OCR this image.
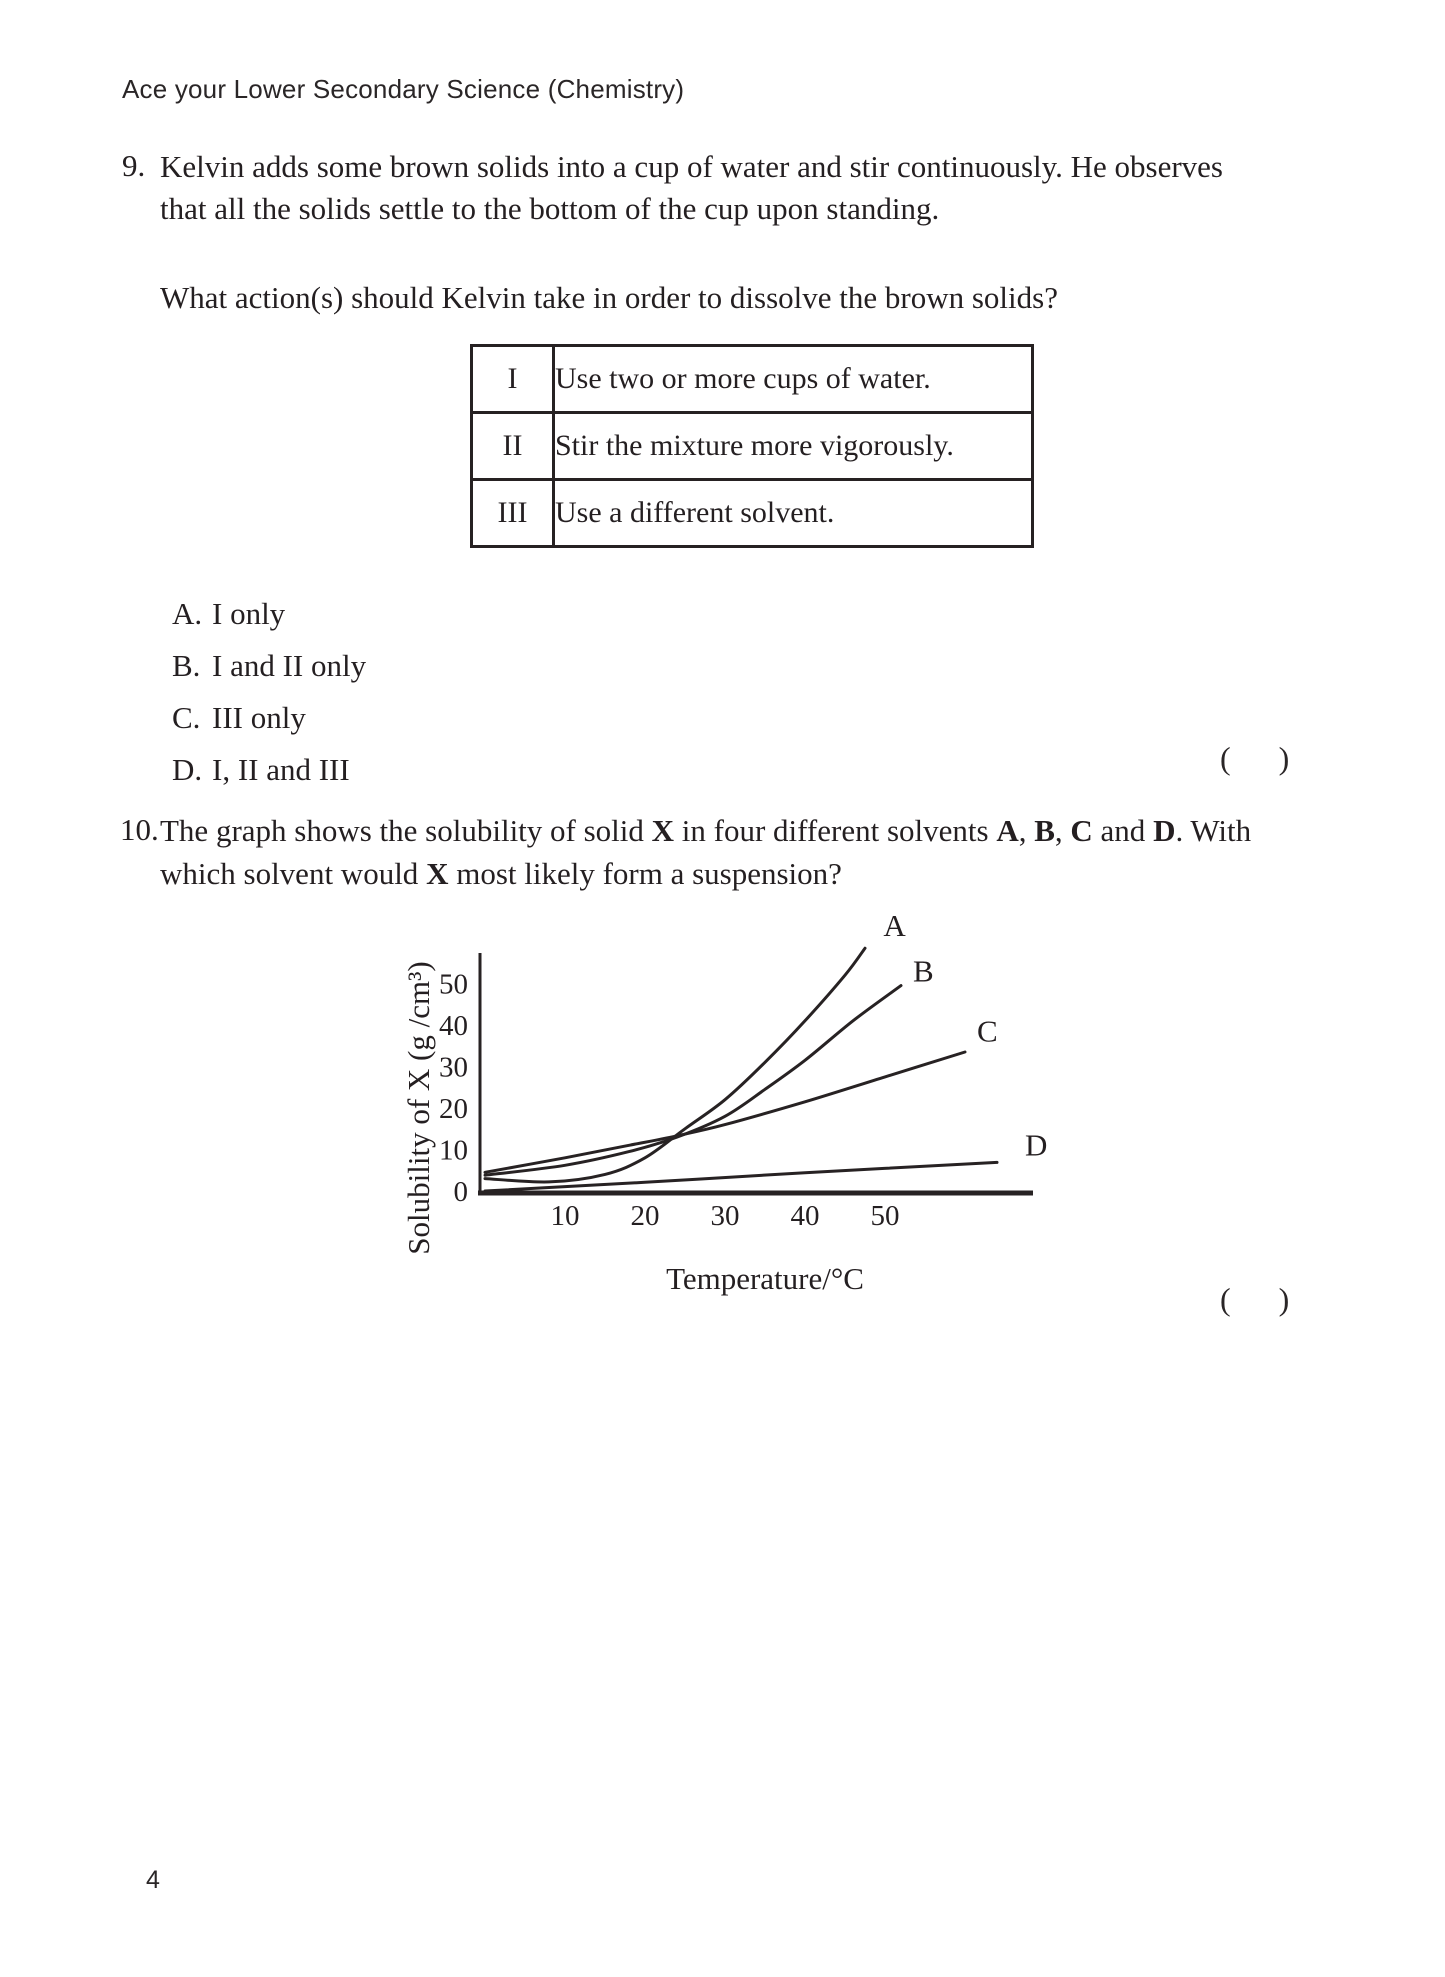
Ace your Lower Secondary Science (Chemistry)
9. Kelvin adds some brown solids into a cup of water and stir continuously. He observes
that all the solids settle to the bottom of the cup upon standing.
What action(s) should Kelvin take in order to dissolve the brown solids?
I	Use two or more cups of water.
II	Stir the mixture more vigorously.
III	Use a different solvent.
A. I only
B. I and II only
C. III only
D. I, II and III	(      )
10. The graph shows the solubility of solid X in four different solvents A, B, C and D. With
which solvent would X most likely form a suspension?
Solubility of X (g /cm³)
Temperature/°C
10 20 30 40 50
0
10
20
30
40
50
A
B
C
D
(      )
4
